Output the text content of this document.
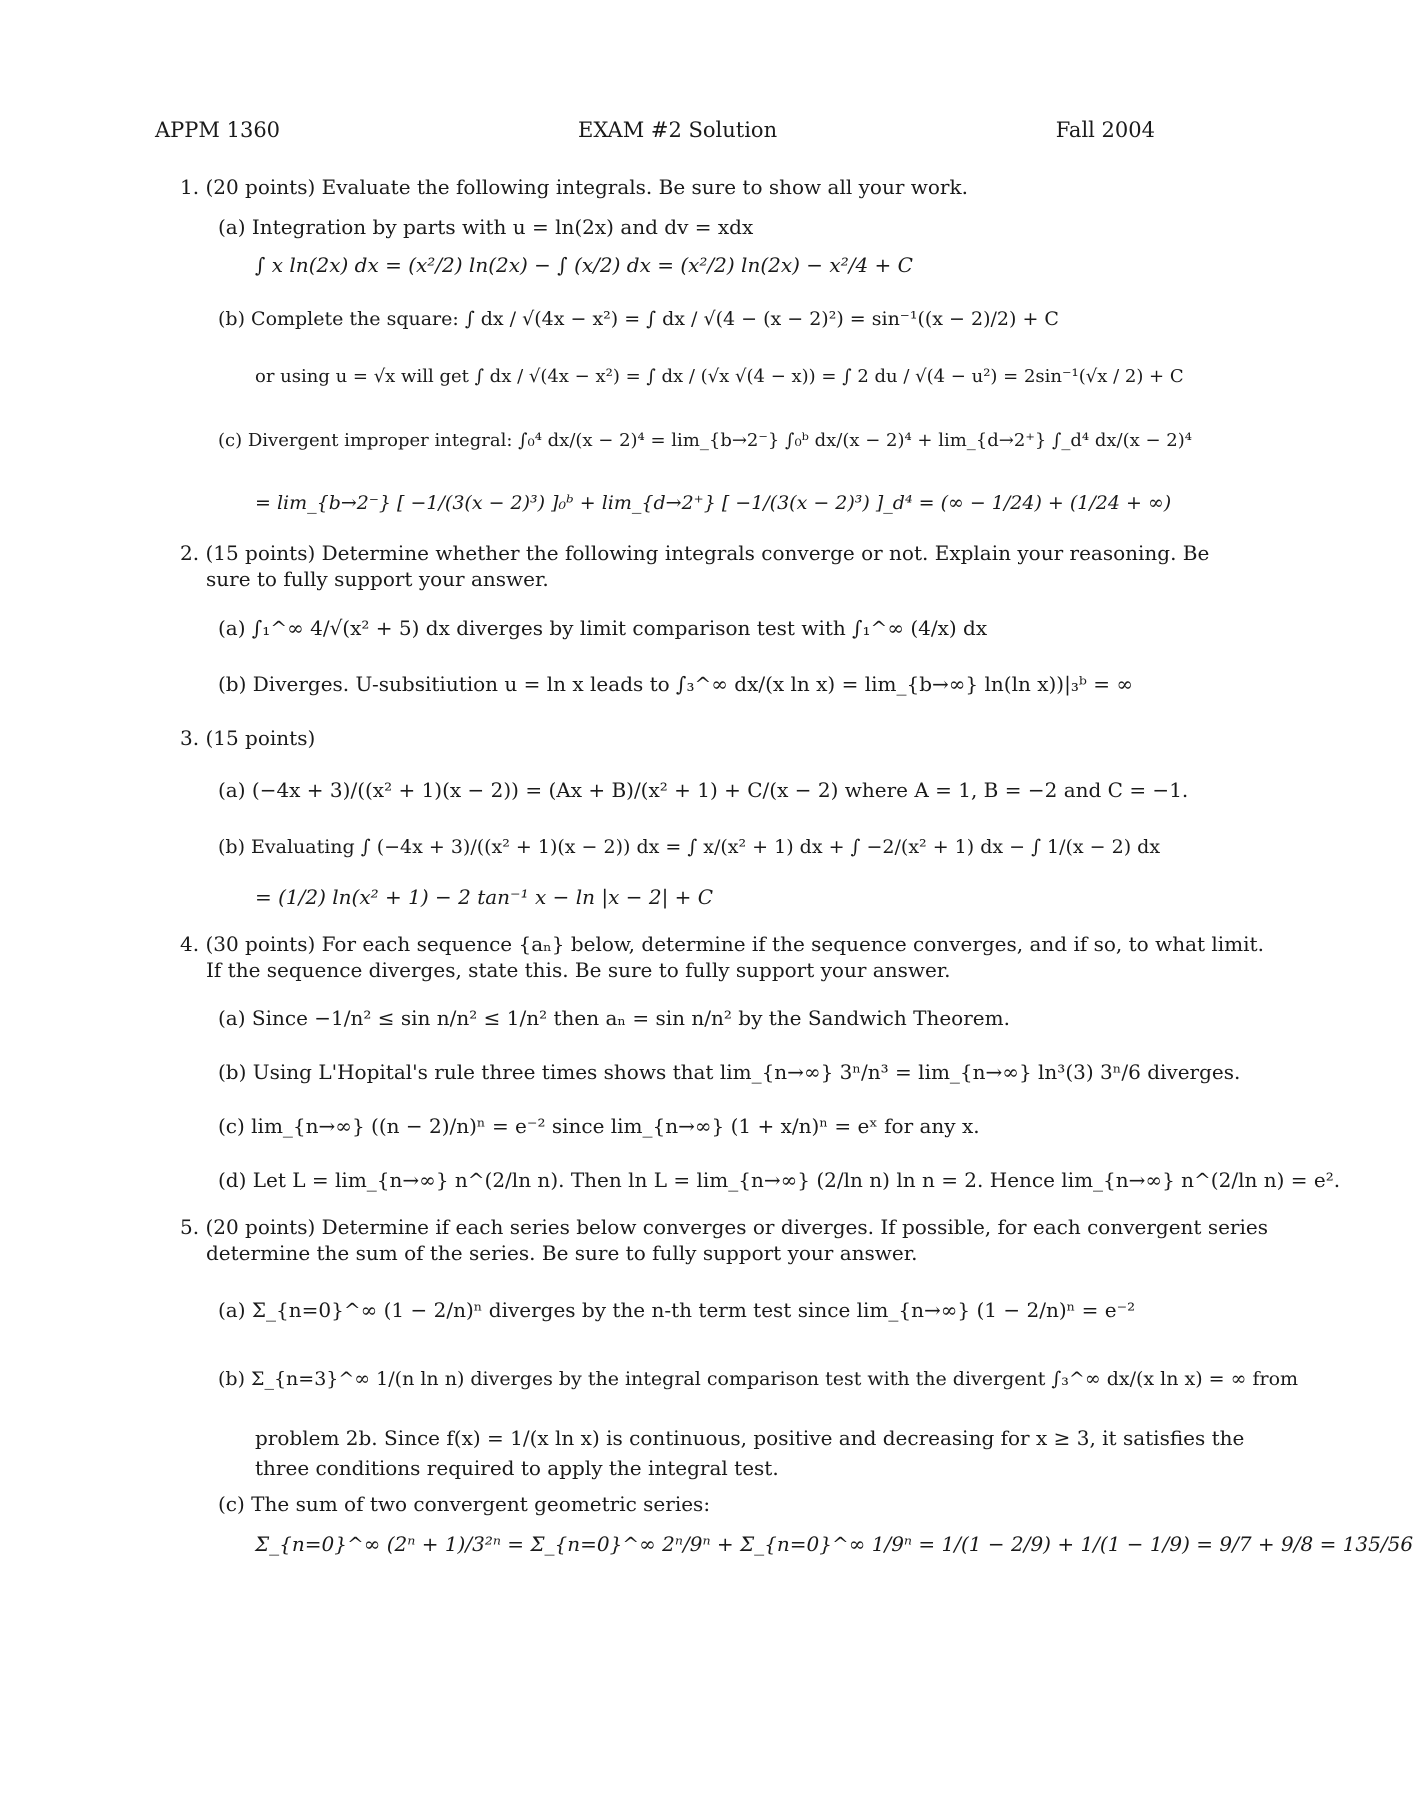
APPM 1360	EXAM #2 Solution	Fall 2004
1. (20 points) Evaluate the following integrals. Be sure to show all your work.
(a) Integration by parts with u = ln(2x) and dv = xdx
∫ x ln(2x) dx = (x²/2) ln(2x) − ∫ (x/2) dx = (x²/2) ln(2x) − x²/4 + C
(b) Complete the square: ∫ dx / √(4x − x²) = ∫ dx / √(4 − (x − 2)²) = sin⁻¹((x − 2)/2) + C
or using u = √x will get ∫ dx / √(4x − x²) = ∫ dx / (√x √(4 − x)) = ∫ 2 du / √(4 − u²) = 2sin⁻¹(√x / 2) + C
(c) Divergent improper integral: ∫₀⁴ dx/(x − 2)⁴ = lim_{b→2⁻} ∫₀ᵇ dx/(x − 2)⁴ + lim_{d→2⁺} ∫_d⁴ dx/(x − 2)⁴
= lim_{b→2⁻} [ −1/(3(x − 2)³) ]₀ᵇ + lim_{d→2⁺} [ −1/(3(x − 2)³) ]_d⁴ = (∞ − 1/24) + (1/24 + ∞)
2. (15 points) Determine whether the following integrals converge or not. Explain your reasoning. Be
sure to fully support your answer.
(a) ∫₁^∞ 4/√(x² + 5) dx diverges by limit comparison test with ∫₁^∞ (4/x) dx
(b) Diverges. U-subsitiution u = ln x leads to ∫₃^∞ dx/(x ln x) = lim_{b→∞} ln(ln x))|₃ᵇ = ∞
3. (15 points)
(a) (−4x + 3)/((x² + 1)(x − 2)) = (Ax + B)/(x² + 1) + C/(x − 2) where A = 1, B = −2 and C = −1.
(b) Evaluating ∫ (−4x + 3)/((x² + 1)(x − 2)) dx = ∫ x/(x² + 1) dx + ∫ −2/(x² + 1) dx − ∫ 1/(x − 2) dx
= (1/2) ln(x² + 1) − 2 tan⁻¹ x − ln |x − 2| + C
4. (30 points) For each sequence {aₙ} below, determine if the sequence converges, and if so, to what limit.
If the sequence diverges, state this. Be sure to fully support your answer.
(a) Since −1/n² ≤ sin n/n² ≤ 1/n² then aₙ = sin n/n² by the Sandwich Theorem.
(b) Using L'Hopital's rule three times shows that lim_{n→∞} 3ⁿ/n³ = lim_{n→∞} ln³(3) 3ⁿ/6 diverges.
(c) lim_{n→∞} ((n − 2)/n)ⁿ = e⁻² since lim_{n→∞} (1 + x/n)ⁿ = eˣ for any x.
(d) Let L = lim_{n→∞} n^(2/ln n). Then ln L = lim_{n→∞} (2/ln n) ln n = 2. Hence lim_{n→∞} n^(2/ln n) = e².
5. (20 points) Determine if each series below converges or diverges. If possible, for each convergent series
determine the sum of the series. Be sure to fully support your answer.
(a) Σ_{n=0}^∞ (1 − 2/n)ⁿ diverges by the n-th term test since lim_{n→∞} (1 − 2/n)ⁿ = e⁻²
(b) Σ_{n=3}^∞ 1/(n ln n) diverges by the integral comparison test with the divergent ∫₃^∞ dx/(x ln x) = ∞ from
problem 2b. Since f(x) = 1/(x ln x) is continuous, positive and decreasing for x ≥ 3, it satisfies the
three conditions required to apply the integral test.
(c) The sum of two convergent geometric series:
Σ_{n=0}^∞ (2ⁿ + 1)/3²ⁿ = Σ_{n=0}^∞ 2ⁿ/9ⁿ + Σ_{n=0}^∞ 1/9ⁿ = 1/(1 − 2/9) + 1/(1 − 1/9) = 9/7 + 9/8 = 135/56
